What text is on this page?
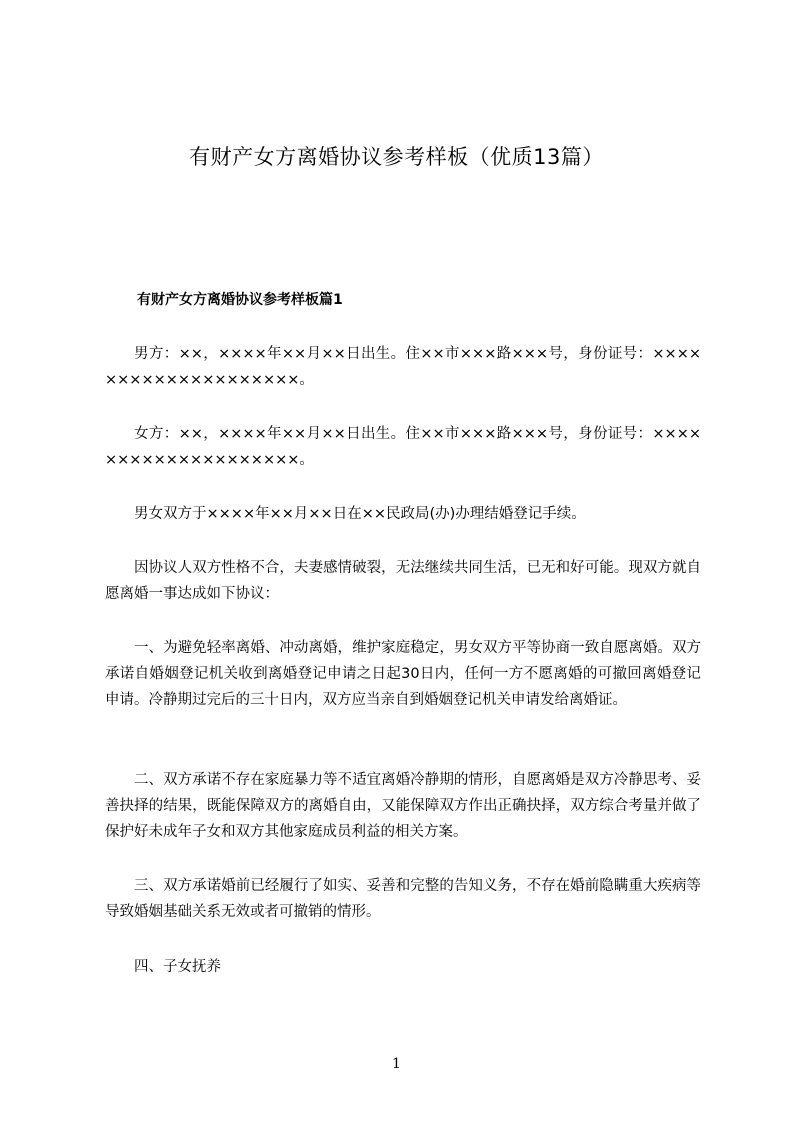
有财产女方离婚协议参考样板（优质13篇）
有财产女方离婚协议参考样板篇1

男方：××，××××年××月××日出生。住××市×××路×××号，身份证号：××××××××××××××××××××。

女方：××，××××年××月××日出生。住××市×××路×××号，身份证号：××××××××××××××××××××。

男女双方于××××年××月××日在××民政局(办)办理结婚登记手续。

因协议人双方性格不合，夫妻感情破裂，无法继续共同生活，已无和好可能。现双方就自愿离婚一事达成如下协议：

一、为避免轻率离婚、冲动离婚，维护家庭稳定，男女双方平等协商一致自愿离婚。双方承诺自婚姻登记机关收到离婚登记申请之日起30日内，任何一方不愿离婚的可撤回离婚登记申请。冷静期过完后的三十日内，双方应当亲自到婚姻登记机关申请发给离婚证。

二、双方承诺不存在家庭暴力等不适宜离婚冷静期的情形，自愿离婚是双方冷静思考、妥善抉择的结果，既能保障双方的离婚自由，又能保障双方作出正确抉择，双方综合考量并做了保护好未成年子女和双方其他家庭成员利益的相关方案。

三、双方承诺婚前已经履行了如实、妥善和完整的告知义务，不存在婚前隐瞒重大疾病等导致婚姻基础关系无效或者可撤销的情形。

四、子女抚养

1
